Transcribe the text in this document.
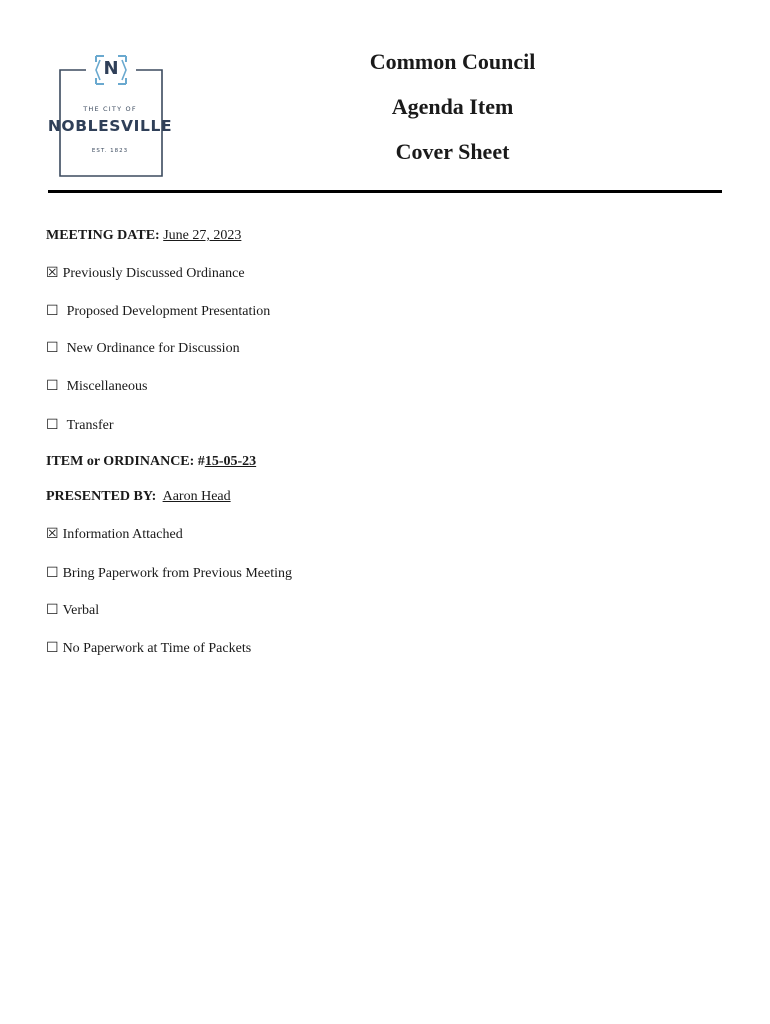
N
THE CITY OF
NOBLESVILLE
EST. 1823
Common Council
Agenda Item
Cover Sheet
MEETING DATE: June 27, 2023
☒ Previously Discussed Ordinance
☐ Proposed Development Presentation
☐ New Ordinance for Discussion
☐ Miscellaneous
☐ Transfer
ITEM or ORDINANCE: #15-05-23
PRESENTED BY: Aaron Head
☒ Information Attached
☐ Bring Paperwork from Previous Meeting
☐ Verbal
☐ No Paperwork at Time of Packets
